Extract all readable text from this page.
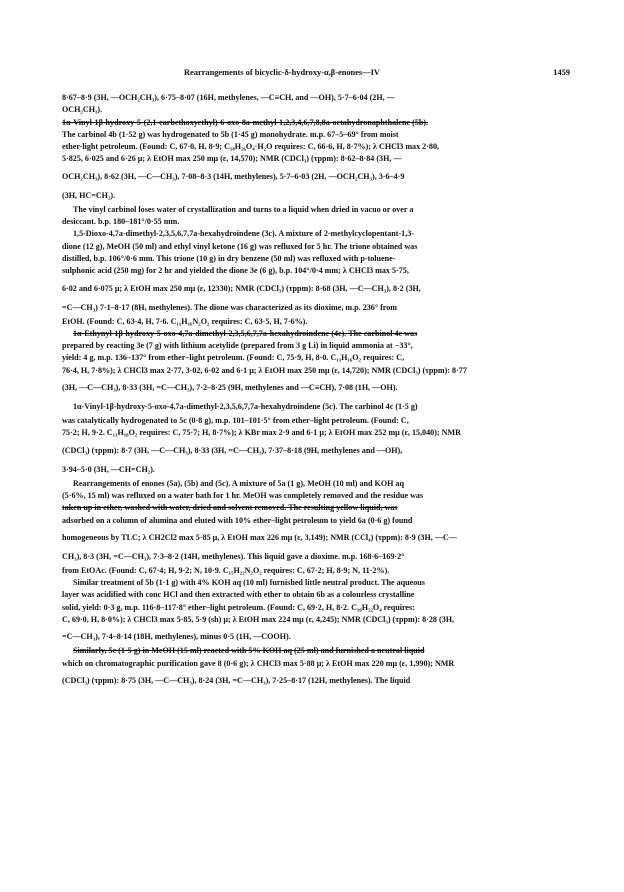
Rearrangements of bicyclic-δ-hydroxy-α,β-enones—IV	1459
8·67–8·9 (3H, —OCH₂CH₃), 6·75–8·07 (16H, methylenes, —C≡CH, and —OH), 5·7–6·04 (2H, —
OCH₂CH₃).
1α-Vinyl-1β-hydroxy-5-(2,1-carbethoxyethyl)-6-oxo-8a-methyl-1,2,3,4,6,7,8,8a-octahydronaphthalene (5b).
The carbinol 4b (1·52 g) was hydrogenated to 5b (1·45 g) monohydrate. m.p. 67–5–69° from moist
ether-light petroleum. (Found: C, 67·0, H, 8·9; C₁₈H₂₆O₄·H₂O requires: C, 66·6, H, 8·7%); λ CHCl3 max 2·80,
5·825, 6·025 and 6·26 μ; λ EtOH max 250 mμ (ε, 14,570); NMR (CDCl₃) (τppm): 8·62–8·84 (3H, —
OCH₂CH₃), 8·62 (3H, —C—CH₃), 7·08–8·3 (14H, methylenes), 5·7–6·03 (2H, —OCH₂CH₃), 3·6–4·9
(3H, HC=CH₂).
The vinyl carbinol loses water of crystallization and turns to a liquid when dried in vacuo or over a
desiccant. b.p. 180–181°/0·55 mm.
1,5-Dioxo-4,7a-dimethyl-2,3,5,6,7,7a-hexahydroindene (3c). A mixture of 2-methylcyclopentant-1,3-
dione (12 g), MeOH (50 ml) and ethyl vinyl ketone (16 g) was refluxed for 5 hr. The trione obtained was
distilled, b.p. 106°/0·6 mm. This trione (10 g) in dry benzene (50 ml) was refluxed with p-toluene-
sulphonic acid (250 mg) for 2 hr and yielded the dione 3e (6 g), b.p. 104°/0·4 mm; λ CHCl3 max 5·75,
6·02 and 6·075 μ; λ EtOH max 250 mμ (ε, 12330); NMR (CDCl₃) (τppm): 8·68 (3H, —C—CH₃), 8·2 (3H,
=C—CH₃) 7·1–8·17 (8H, methylenes). The dione was characterized as its dioxime, m.p. 236° from
EtOH. (Found: C, 63·4, H, 7·6. C₁₁H₁₆N₂O₂ requires: C, 63·5, H, 7·6%).
1α-Ethynyl-1β-hydroxy-5-oxo-4,7a-dimethyl-2,3,5,6,7,7a-hexahydroindene (4e). The carbinol 4e was
prepared by reacting 3e (7 g) with lithium acetylide (prepared from 3 g Li) in liquid ammonia at −33°,
yield: 4 g, m.p. 136–137° from ether–light petroleum. (Found: C, 75·9, H, 8·0. C₁₃H₁₆O₂ requires: C,
76·4, H, 7·8%); λ CHCl3 max 2·77, 3·02, 6·02 and 6·1 μ; λ EtOH max 250 mμ (ε, 14,720); NMR (CDCl₃) (τppm): 8·77
(3H, —C—CH₃), 8·33 (3H, =C—CH₃), 7·2–8·25 (9H, methylenes and —C≡CH), 7·08 (1H, —OH).
1α-Vinyl-1β-hydroxy-5-oxo-4,7a-dimethyl-2,3,5,6,7,7a-hexahydroindene (5c). The carbinol 4c (1·5 g)
was catalytically hydrogenated to 5c (0·8 g), m.p. 101–101·5° from ether–light petroleum. (Found: C,
75·2; H, 9·2. C₁₃H₁₈O₂ requires: C, 75·7; H, 8·7%); λ KBr max 2·9 and 6·1 μ; λ EtOH max 252 mμ (ε, 15,040); NMR
(CDCl₃) (τppm): 8·7 (3H, —C—CH₃), 8·33 (3H, =C—CH₃), 7·37–8·18 (9H, methylenes and —OH),
3·94–5·0 (3H, —CH=CH₂).
Rearrangements of enones (5a), (5b) and (5c). A mixture of 5a (1 g), MeOH (10 ml) and KOH aq
(5·6%, 15 ml) was refluxed on a water bath for 1 hr. MeOH was completely removed and the residue was
taken up in ether, washed with water, dried and solvent removed. The resulting yellow liquid, was
adsorbed on a column of alumina and eluted with 10% ether–light petroleum to yield 6a (0·6 g) found
homogeneous by TLC; λ CH2Cl2 max 5·85 μ, λ EtOH max 226 mμ (ε, 3,149); NMR (CCl₄) (τppm): 8·9 (3H, —C—
CH₃), 8·3 (3H, =C—CH₃), 7·3–8·2 (14H, methylenes). This liquid gave a dioxime. m.p. 168·6–169·2°
from EtOAc. (Found: C, 67·4; H, 9·2; N, 10·9. C₁₅H₂₂N₂O₂ requires: C, 67·2; H, 8·9; N, 11·2%).
Similar treatment of 5b (1·1 g) with 4% KOH aq (10 ml) furnished little neutral product. The aqueous
layer was acidified with conc HCl and then extracted with ether to obtain 6b as a colourless crystalline
solid, yield: 0·3 g, m.p. 116·8–117·8° ether–light petroleum. (Found: C, 69·2, H, 8·2. C₁₆H₂₂O₄ requires:
C, 69·0, H, 8·0%); λ CHCl3 max 5·85, 5·9 (sh) μ; λ EtOH max 224 mμ (ε, 4,245); NMR (CDCl₃) (τppm): 8·28 (3H,
=C—CH₃), 7·4–8·14 (18H, methylenes), minus 0·5 (1H, —COOH).
Similarly, 5c (1·5 g) in MeOH (15 ml) reacted with 5% KOH aq (25 ml) and furnished a neutral liquid
which on chromatographic purification gave 8 (0·6 g); λ CHCl3 max 5·88 μ; λ EtOH max 220 mμ (ε, 1,990); NMR
(CDCl₃) (τppm): 8·75 (3H, —C—CH₃), 8·24 (3H, =C—CH₃), 7·25–8·17 (12H, methylenes). The liquid
